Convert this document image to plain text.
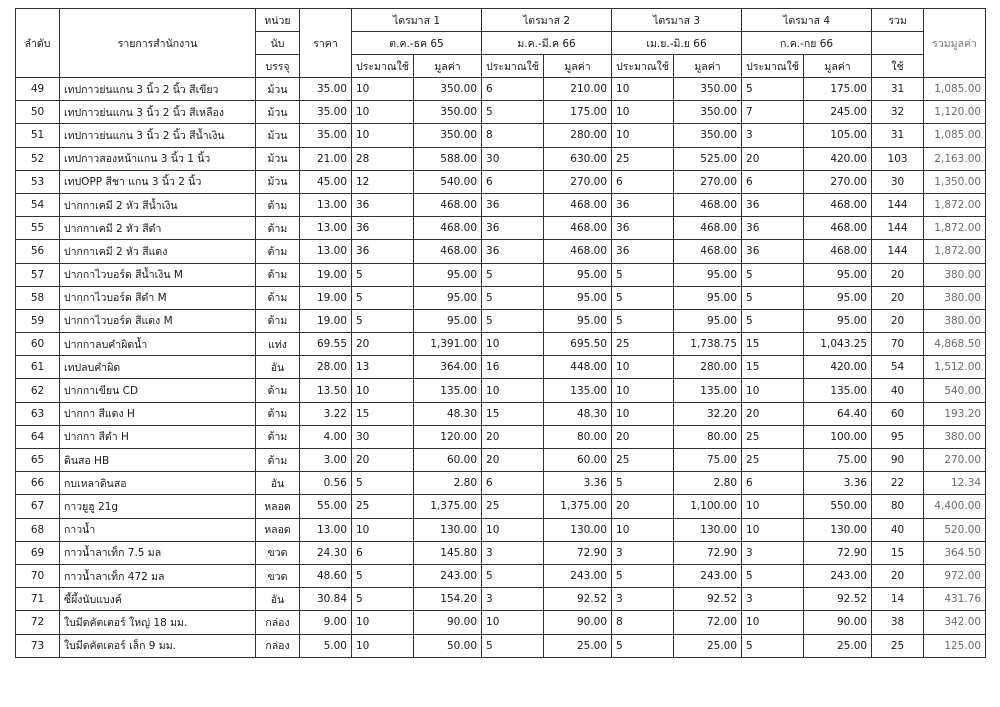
ลำดับ	รายการสำนักงาน	หน่วย	ราคา	ไตรมาส 1		ไตรมาส 2		ไตรมาส 3		ไตรมาส 4		รวม	รวมมูลค่า
		นับ		ต.ค.-ธค 65		ม.ค.-มี.ค 66		เม.ย.-มิ.ย 66		ก.ค.-กย 66			
		บรรจุ		ประมาณใช้	มูลค่า	ประมาณใช้	มูลค่า	ประมาณใช้	มูลค่า	ประมาณใช้	มูลค่า	ใช้	
49	เทปกาวย่นแกน 3 นิ้ว 2 นิ้ว สีเขียว	ม้วน	35.00	10	350.00	6	210.00	10	350.00	5	175.00	31	1,085.00
50	เทปกาวย่นแกน 3 นิ้ว 2 นิ้ว สีเหลือง	ม้วน	35.00	10	350.00	5	175.00	10	350.00	7	245.00	32	1,120.00
51	เทปกาวย่นแกน 3 นิ้ว 2 นิ้ว สีน้ำเงิน	ม้วน	35.00	10	350.00	8	280.00	10	350.00	3	105.00	31	1,085.00
52	เทปกาวสองหน้าแกน 3 นิ้ว 1 นิ้ว	ม้วน	21.00	28	588.00	30	630.00	25	525.00	20	420.00	103	2,163.00
53	เทปOPP สีชา แกน 3 นิ้ว 2 นิ้ว	ม้วน	45.00	12	540.00	6	270.00	6	270.00	6	270.00	30	1,350.00
54	ปากกาเคมี 2 หัว สีน้ำเงิน	ด้าม	13.00	36	468.00	36	468.00	36	468.00	36	468.00	144	1,872.00
55	ปากกาเคมี 2 หัว สีดำ	ด้าม	13.00	36	468.00	36	468.00	36	468.00	36	468.00	144	1,872.00
56	ปากกาเคมี 2 หัว สีแดง	ด้าม	13.00	36	468.00	36	468.00	36	468.00	36	468.00	144	1,872.00
57	ปากกาไวบอร์ด สีน้ำเงิน M	ด้าม	19.00	5	95.00	5	95.00	5	95.00	5	95.00	20	380.00
58	ปากกาไวบอร์ด สีดำ M	ด้าม	19.00	5	95.00	5	95.00	5	95.00	5	95.00	20	380.00
59	ปากกาไวบอร์ด สีแดง M	ด้าม	19.00	5	95.00	5	95.00	5	95.00	5	95.00	20	380.00
60	ปากกาลบคำผิดน้ำ	แท่ง	69.55	20	1,391.00	10	695.50	25	1,738.75	15	1,043.25	70	4,868.50
61	เทปลบคำผิด	อัน	28.00	13	364.00	16	448.00	10	280.00	15	420.00	54	1,512.00
62	ปากกาเขียน CD	ด้าม	13.50	10	135.00	10	135.00	10	135.00	10	135.00	40	540.00
63	ปากกา สีแดง H	ด้าม	3.22	15	48.30	15	48.30	10	32.20	20	64.40	60	193.20
64	ปากกา สีดำ H	ด้าม	4.00	30	120.00	20	80.00	20	80.00	25	100.00	95	380.00
65	ดินสอ HB	ด้าม	3.00	20	60.00	20	60.00	25	75.00	25	75.00	90	270.00
66	กบเหลาดินสอ	อัน	0.56	5	2.80	6	3.36	5	2.80	6	3.36	22	12.34
67	กาวยูฮู 21g	หลอด	55.00	25	1,375.00	25	1,375.00	20	1,100.00	10	550.00	80	4,400.00
68	กาวน้ำ	หลอด	13.00	10	130.00	10	130.00	10	130.00	10	130.00	40	520.00
69	กาวน้ำลาเท็ก 7.5 มล	ขวด	24.30	6	145.80	3	72.90	3	72.90	3	72.90	15	364.50
70	กาวน้ำลาเท็ก 472 มล	ขวด	48.60	5	243.00	5	243.00	5	243.00	5	243.00	20	972.00
71	ซี้ผึ้งนับแบงค์	อัน	30.84	5	154.20	3	92.52	3	92.52	3	92.52	14	431.76
72	ใบมีดคัตเตอร์ ใหญ่ 18 มม.	กล่อง	9.00	10	90.00	10	90.00	8	72.00	10	90.00	38	342.00
73	ใบมีดคัตเตอร์ เล็ก 9 มม.	กล่อง	5.00	10	50.00	5	25.00	5	25.00	5	25.00	25	125.00
